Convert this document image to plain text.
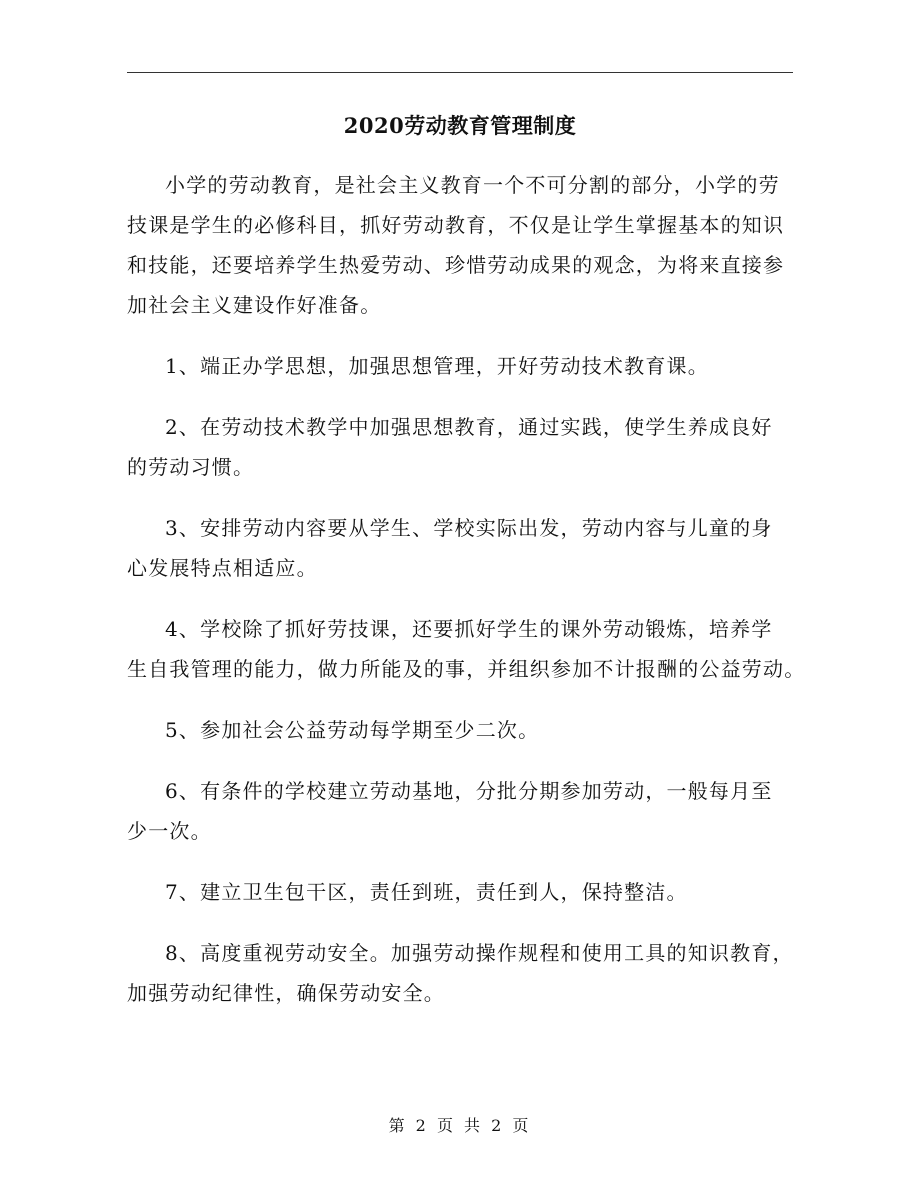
2020劳动教育管理制度

小学的劳动教育，是社会主义教育一个不可分割的部分，小学的劳
技课是学生的必修科目，抓好劳动教育，不仅是让学生掌握基本的知识
和技能，还要培养学生热爱劳动、珍惜劳动成果的观念，为将来直接参
加社会主义建设作好准备。

1、端正办学思想，加强思想管理，开好劳动技术教育课。

2、在劳动技术教学中加强思想教育，通过实践，使学生养成良好
的劳动习惯。

3、安排劳动内容要从学生、学校实际出发，劳动内容与儿童的身
心发展特点相适应。

4、学校除了抓好劳技课，还要抓好学生的课外劳动锻炼，培养学
生自我管理的能力，做力所能及的事，并组织参加不计报酬的公益劳动。

5、参加社会公益劳动每学期至少二次。

6、有条件的学校建立劳动基地，分批分期参加劳动，一般每月至
少一次。

7、建立卫生包干区，责任到班，责任到人，保持整洁。

8、高度重视劳动安全。加强劳动操作规程和使用工具的知识教育，
加强劳动纪律性，确保劳动安全。

第 2 页 共 2 页
